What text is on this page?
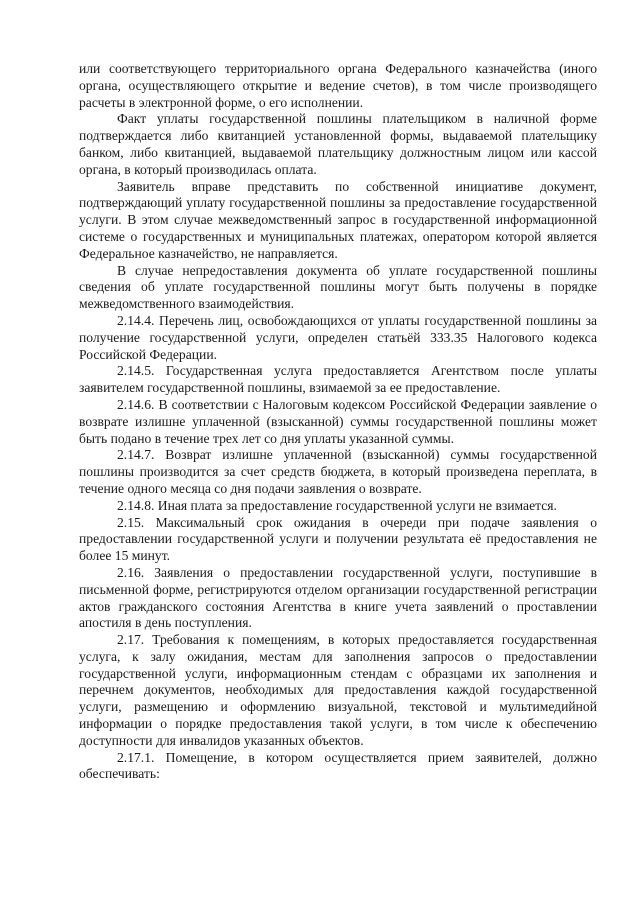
или соответствующего территориального органа Федерального казначейства (иного органа, осуществляющего открытие и ведение счетов), в том числе производящего расчеты в электронной форме, о его исполнении.

Факт уплаты государственной пошлины плательщиком в наличной форме подтверждается либо квитанцией установленной формы, выдаваемой плательщику банком, либо квитанцией, выдаваемой плательщику должностным лицом или кассой органа, в который производилась оплата.

Заявитель вправе представить по собственной инициативе документ, подтверждающий уплату государственной пошлины за предоставление государственной услуги. В этом случае межведомственный запрос в государственной информационной системе о государственных и муниципальных платежах, оператором которой является Федеральное казначейство, не направляется.

В случае непредоставления документа об уплате государственной пошлины сведения об уплате государственной пошлины могут быть получены в порядке межведомственного взаимодействия.

2.14.4. Перечень лиц, освобождающихся от уплаты государственной пошлины за получение государственной услуги, определен статьёй 333.35 Налогового кодекса Российской Федерации.

2.14.5. Государственная услуга предоставляется Агентством после уплаты заявителем государственной пошлины, взимаемой за ее предоставление.

2.14.6. В соответствии с Налоговым кодексом Российской Федерации заявление о возврате излишне уплаченной (взысканной) суммы государственной пошлины может быть подано в течение трех лет со дня уплаты указанной суммы.

2.14.7. Возврат излишне уплаченной (взысканной) суммы государственной пошлины производится за счет средств бюджета, в который произведена переплата, в течение одного месяца со дня подачи заявления о возврате.

2.14.8. Иная плата за предоставление государственной услуги не взимается.

2.15. Максимальный срок ожидания в очереди при подаче заявления о предоставлении государственной услуги и получении результата её предоставления не более 15 минут.

2.16. Заявления о предоставлении государственной услуги, поступившие в письменной форме, регистрируются отделом организации государственной регистрации актов гражданского состояния Агентства в книге учета заявлений о проставлении апостиля в день поступления.

2.17. Требования к помещениям, в которых предоставляется государственная услуга, к залу ожидания, местам для заполнения запросов о предоставлении государственной услуги, информационным стендам с образцами их заполнения и перечнем документов, необходимых для предоставления каждой государственной услуги, размещению и оформлению визуальной, текстовой и мультимедийной информации о порядке предоставления такой услуги, в том числе к обеспечению доступности для инвалидов указанных объектов.

2.17.1. Помещение, в котором осуществляется прием заявителей, должно обеспечивать:
